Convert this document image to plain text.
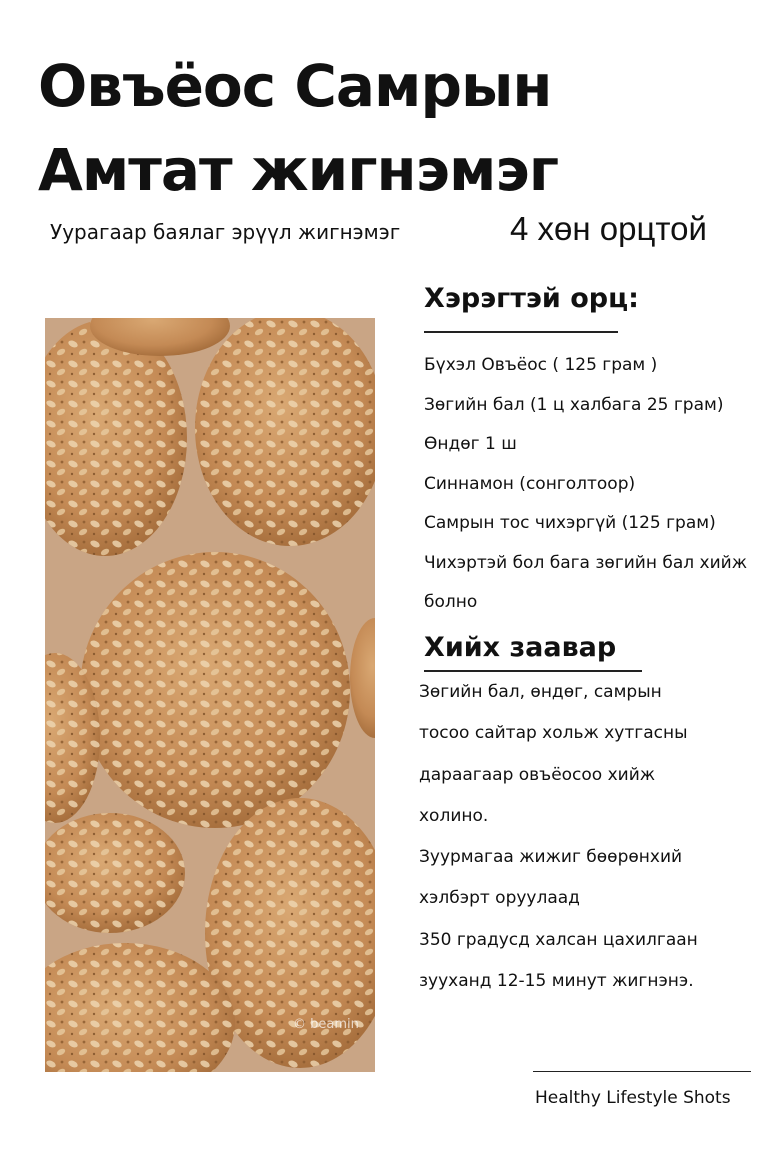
Овъёос Самрын
Амтат жигнэмэг
Уурагаар баялаг эрүүл жигнэмэг	4 хөн орцтой
© beamin
Хэрэгтэй орц:
Бүхэл Овъёос ( 125 грам )
Зөгийн бал (1 ц халбага 25 грам)
Өндөг 1 ш
Синнамон (сонголтоор)
Самрын тос чихэргүй (125 грам)
Чихэртэй бол бага зөгийн бал хийж
болно
Хийх заавар
Зөгийн бал, өндөг, самрын
тосоо сайтар хольж хутгасны
дараагаар овъёосоо хийж
холино.
Зуурмагаа жижиг бөөрөнхий
хэлбэрт оруулаад
350 градусд халсан цахилгаан
зууханд 12-15 минут жигнэнэ.
Healthy Lifestyle Shots
